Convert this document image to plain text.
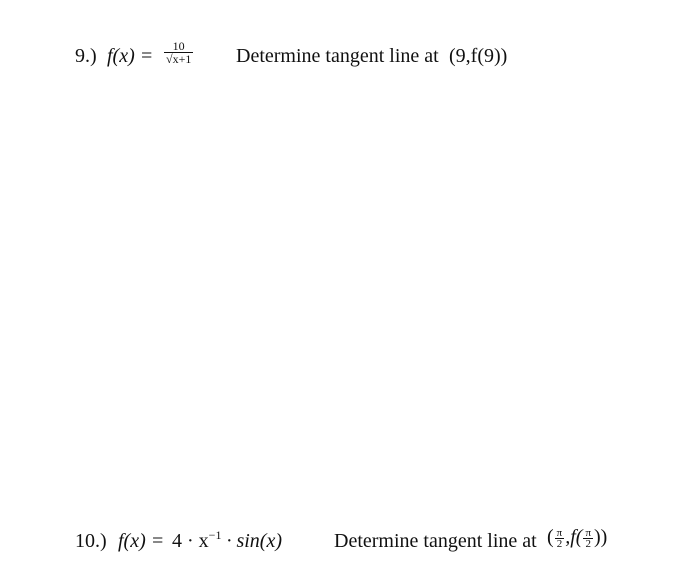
9.) $f(x) = \frac{10}{√x+1}$ Determine tangent line at (9,f(9))
10.) $f(x) = 4 \cdot x^{-1} \cdot \sin(x)$	Determine tangent line at ( $\frac{\pi}{2} ,f( \frac{\pi}{2}$ ))
